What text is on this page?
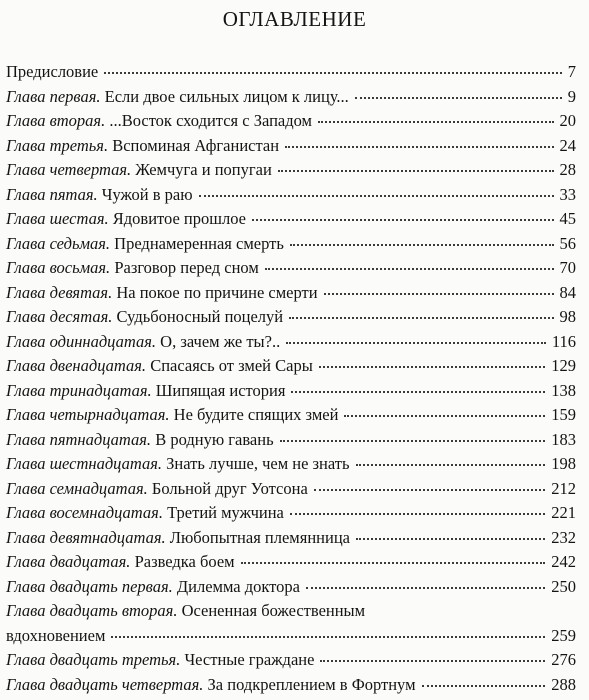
ОГЛАВЛЕНИЕ
Предисловие	7
Глава первая. Если двое сильных лицом к лицу...	9
Глава вторая. ...Восток сходится с Западом	20
Глава третья. Вспоминая Афганистан	24
Глава четвертая. Жемчуга и попугаи	28
Глава пятая. Чужой в раю	33
Глава шестая. Ядовитое прошлое	45
Глава седьмая. Преднамеренная смерть	56
Глава восьмая. Разговор перед сном	70
Глава девятая. На покое по причине смерти	84
Глава десятая. Судьбоносный поцелуй	98
Глава одиннадцатая. О, зачем же ты?..	116
Глава двенадцатая. Спасаясь от змей Сары	129
Глава тринадцатая. Шипящая история	138
Глава четырнадцатая. Не будите спящих змей	159
Глава пятнадцатая. В родную гавань	183
Глава шестнадцатая. Знать лучше, чем не знать	198
Глава семнадцатая. Больной друг Уотсона	212
Глава восемнадцатая. Третий мужчина	221
Глава девятнадцатая. Любопытная племянница	232
Глава двадцатая. Разведка боем	242
Глава двадцать первая. Дилемма доктора	250
Глава двадцать вторая. Осененная божественным
вдохновением	259
Глава двадцать третья. Честные граждане	276
Глава двадцать четвертая. За подкреплением в Фортнум	288
